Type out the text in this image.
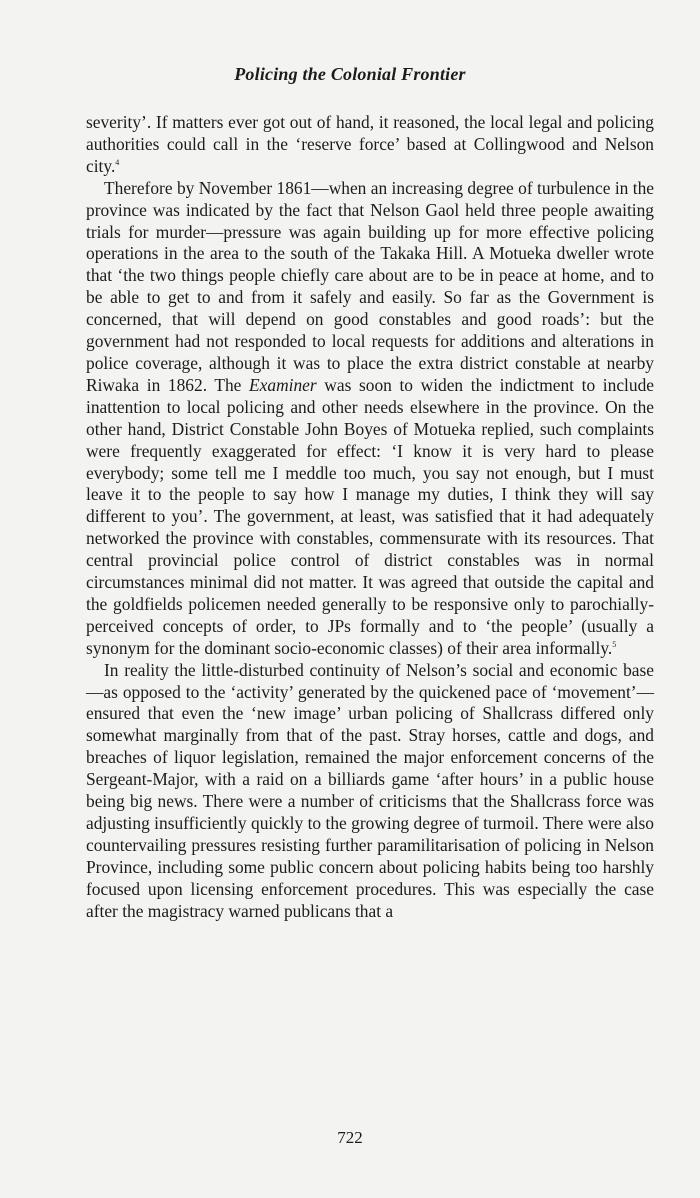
Policing the Colonial Frontier

severity’. If matters ever got out of hand, it reasoned, the local legal and policing authorities could call in the ‘reserve force’ based at Collingwood and Nelson city.$^4$

Therefore by November 1861—when an increasing degree of turbulence in the province was indicated by the fact that Nelson Gaol held three people awaiting trials for murder—pressure was again building up for more effective policing operations in the area to the south of the Takaka Hill. A Motueka dweller wrote that ‘the two things people chiefly care about are to be in peace at home, and to be able to get to and from it safely and easily. So far as the Government is concerned, that will depend on good constables and good roads’: but the government had not responded to local requests for additions and alterations in police coverage, although it was to place the extra district constable at nearby Riwaka in 1862. The Examiner was soon to widen the indictment to include inattention to local policing and other needs elsewhere in the province. On the other hand, District Constable John Boyes of Motueka replied, such complaints were frequently exaggerated for effect: ‘I know it is very hard to please everybody; some tell me I meddle too much, you say not enough, but I must leave it to the people to say how I manage my duties, I think they will say different to you’. The government, at least, was satisfied that it had adequately networked the province with constables, commensurate with its resources. That central provincial police control of district constables was in normal circumstances minimal did not matter. It was agreed that outside the capital and the goldfields policemen needed generally to be responsive only to parochially-perceived concepts of order, to JPs formally and to ‘the people’ (usually a synonym for the dominant socio-economic classes) of their area informally.$^5$

In reality the little-disturbed continuity of Nelson’s social and economic base—as opposed to the ‘activity’ generated by the quickened pace of ‘movement’—ensured that even the ‘new image’ urban policing of Shallcrass differed only somewhat marginally from that of the past. Stray horses, cattle and dogs, and breaches of liquor legislation, remained the major enforcement concerns of the Sergeant-Major, with a raid on a billiards game ‘after hours’ in a public house being big news. There were a number of criticisms that the Shallcrass force was adjusting insufficiently quickly to the growing degree of turmoil. There were also countervailing pressures resisting further paramilitarisation of policing in Nelson Province, including some public concern about policing habits being too harshly focused upon licensing enforcement procedures. This was especially the case after the magistracy warned publicans that a

722
